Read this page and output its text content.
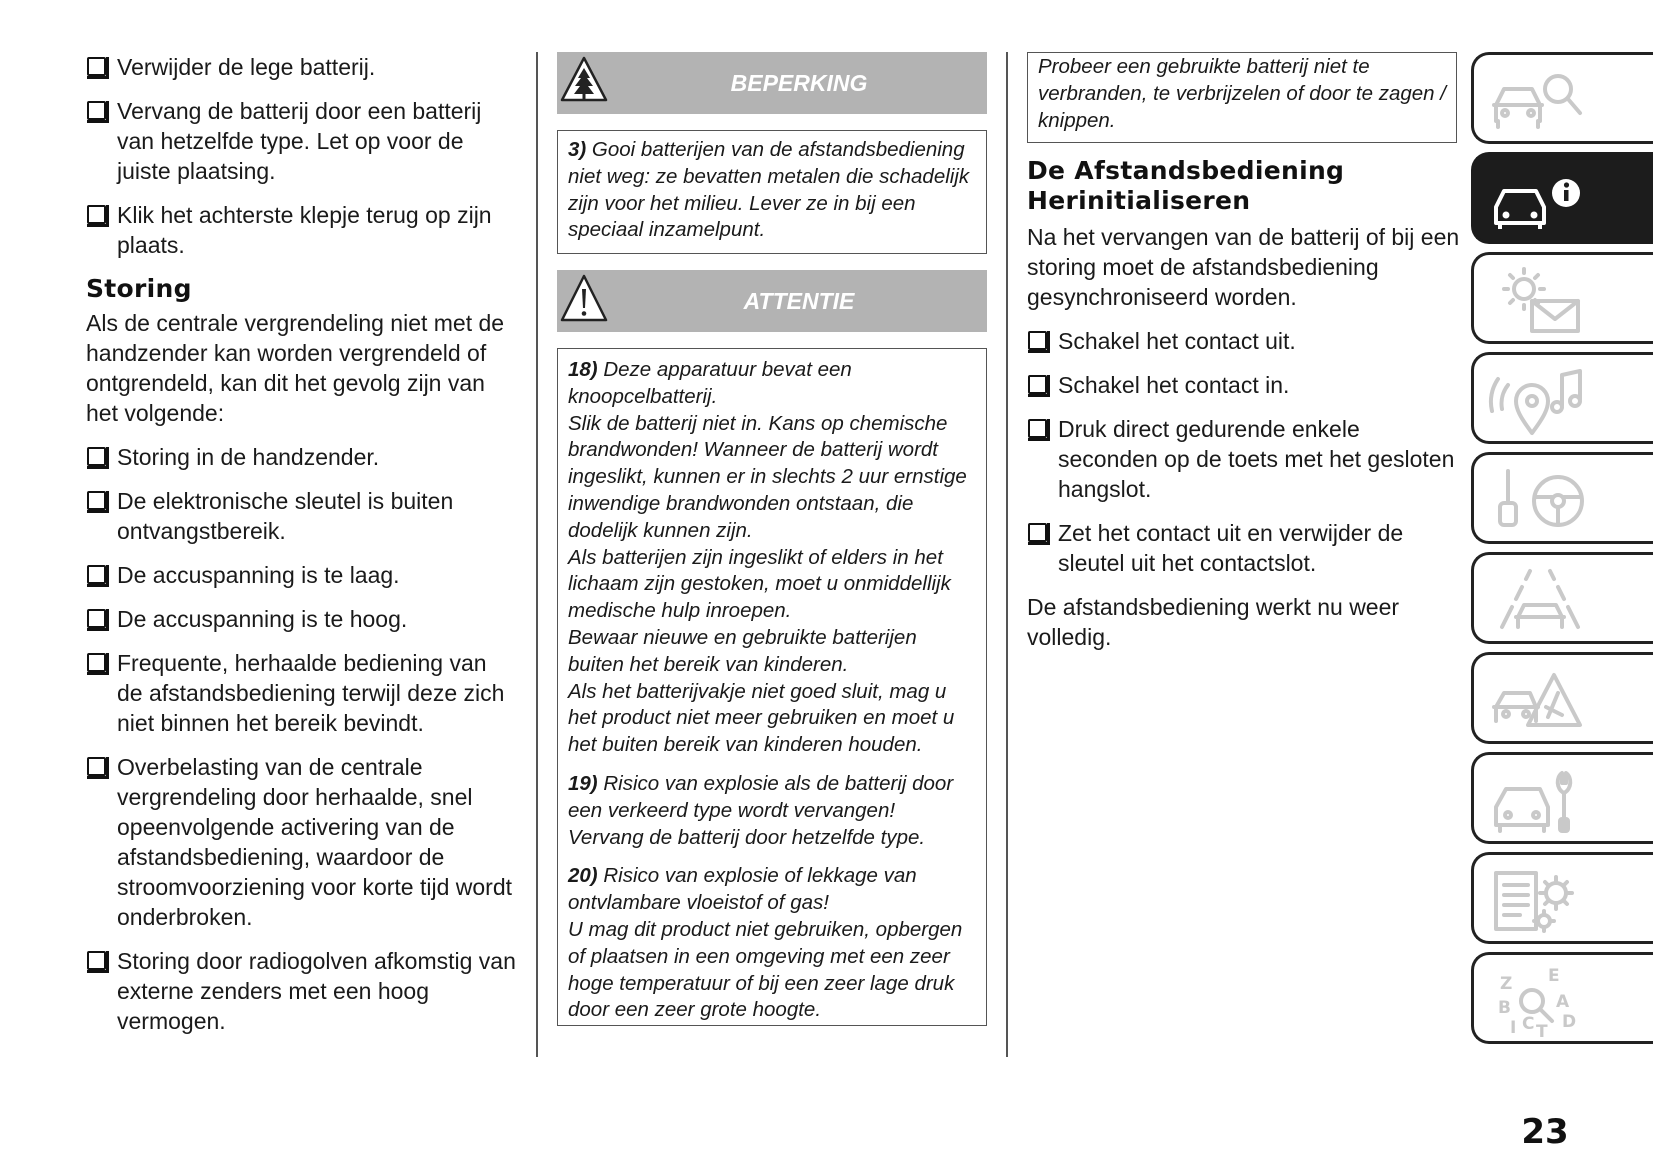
Verwijder de lege batterij.
Vervang de batterij door een batterij van hetzelfde type. Let op voor de juiste plaatsing.
Klik het achterste klepje terug op zijn plaats.
Storing

Als de centrale vergrendeling niet met de handzender kan worden vergrendeld of ontgrendeld, kan dit het gevolg zijn van het volgende:

Storing in de handzender.
De elektronische sleutel is buiten ontvangstbereik.
De accuspanning is te laag.
De accuspanning is te hoog.
Frequente, herhaalde bediening van de afstandsbediening terwijl deze zich niet binnen het bereik bevindt.
Overbelasting van de centrale vergrendeling door herhaalde, snel opeenvolgende activering van de afstandsbediening, waardoor de stroomvoorziening voor korte tijd wordt onderbroken.
Storing door radiogolven afkomstig van externe zenders met een hoog vermogen.
BEPERKING

3) Gooi batterijen van de afstandsbediening niet weg: ze bevatten metalen die schadelijk zijn voor het milieu. Lever ze in bij een speciaal inzamelpunt.

ATTENTIE

18) Deze apparatuur bevat een knoopcelbatterij.

Slik de batterij niet in. Kans op chemische brandwonden! Wanneer de batterij wordt ingeslikt, kunnen er in slechts 2 uur ernstige inwendige brandwonden ontstaan, die dodelijk kunnen zijn.

Als batterijen zijn ingeslikt of elders in het lichaam zijn gestoken, moet u onmiddellijk medische hulp inroepen.

Bewaar nieuwe en gebruikte batterijen buiten het bereik van kinderen.

Als het batterijvakje niet goed sluit, mag u het product niet meer gebruiken en moet u het buiten bereik van kinderen houden.

19) Risico van explosie als de batterij door een verkeerd type wordt vervangen! Vervang de batterij door hetzelfde type.

20) Risico van explosie of lekkage van ontvlambare vloeistof of gas!

U mag dit product niet gebruiken, opbergen of plaatsen in een omgeving met een zeer hoge temperatuur of bij een zeer lage druk door een zeer grote hoogte.

Probeer een gebruikte batterij niet te verbranden, te verbrijzelen of door te zagen / knippen.
De Afstandsbediening Herinitialiseren

Na het vervangen van de batterij of bij een storing moet de afstandsbediening gesynchroniseerd worden.

Schakel het contact uit.
Schakel het contact in.
Druk direct gedurende enkele seconden op de toets met het gesloten hangslot.
Zet het contact uit en verwijder de sleutel uit het contactslot.

De afstandsbediening werkt nu weer volledig.

Z E
A
B
C D
I T
23
